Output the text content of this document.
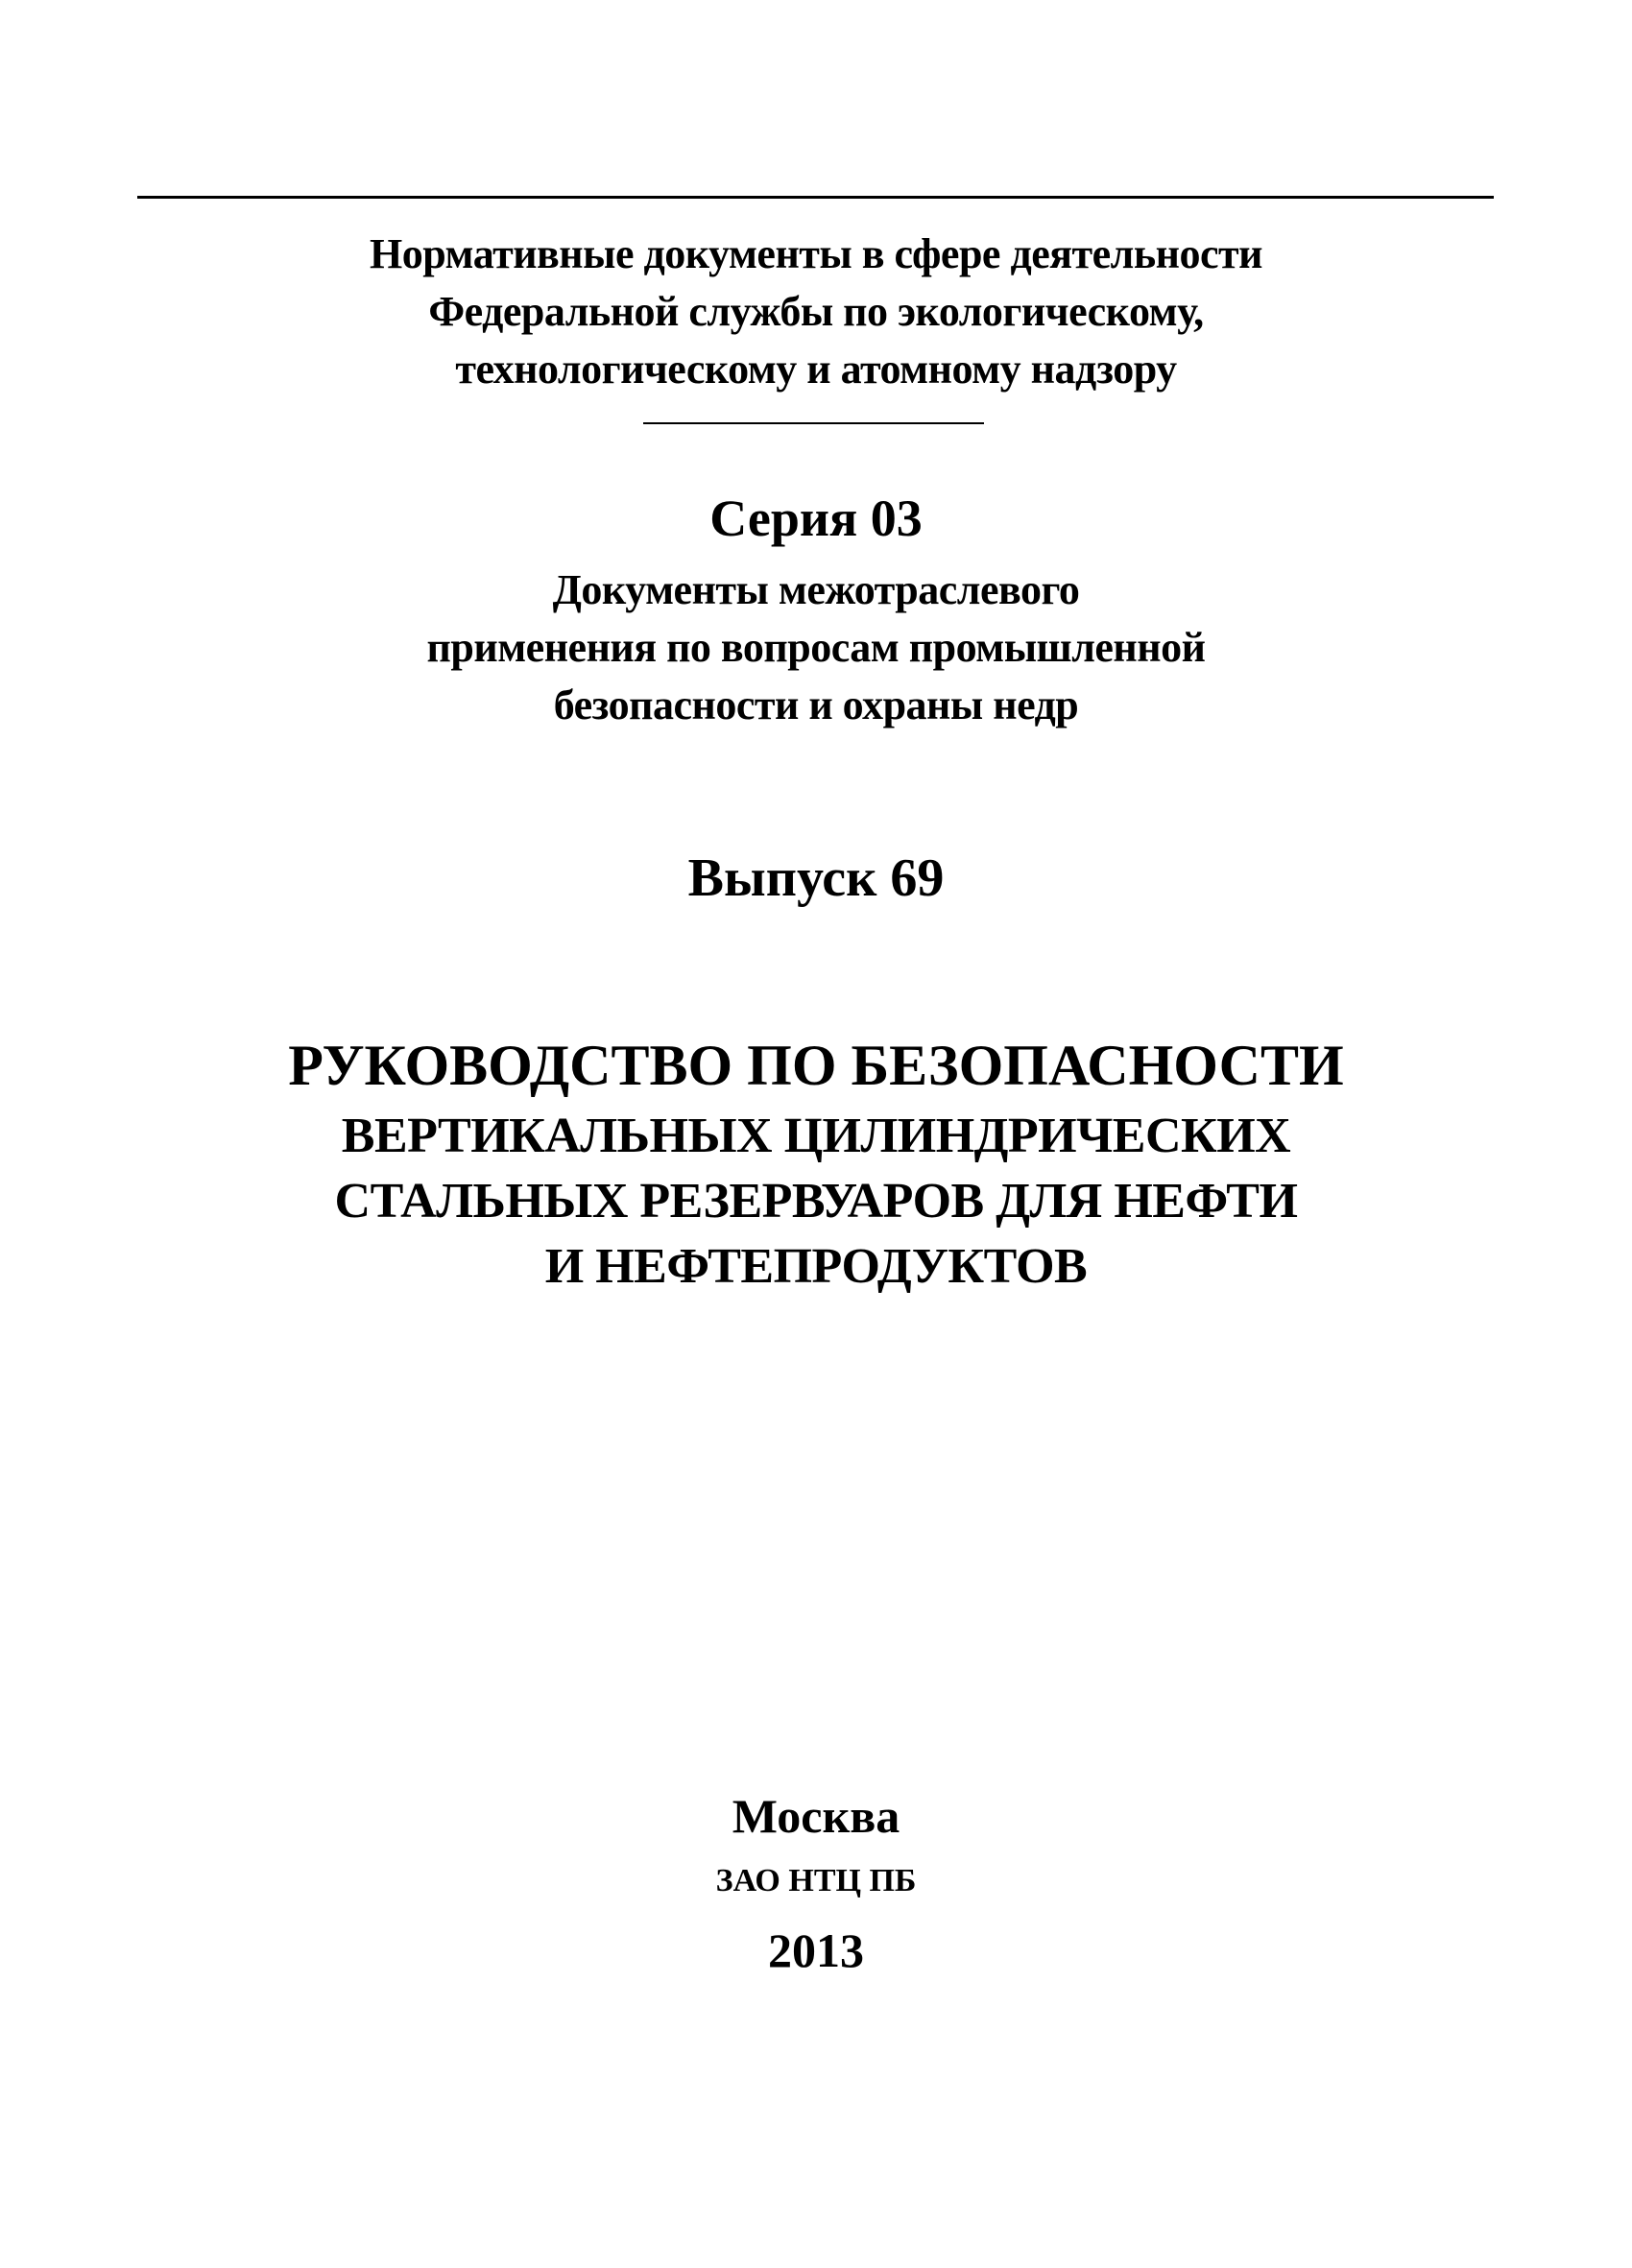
Нормативные документы в сфере деятельности
Федеральной службы по экологическому,
технологическому и атомному надзору
Серия 03
Документы межотраслевого
применения по вопросам промышленной
безопасности и охраны недр
Выпуск 69
РУКОВОДСТВО ПО БЕЗОПАСНОСТИ
ВЕРТИКАЛЬНЫХ ЦИЛИНДРИЧЕСКИХ
СТАЛЬНЫХ РЕЗЕРВУАРОВ ДЛЯ НЕФТИ
И НЕФТЕПРОДУКТОВ
Москва
ЗАО НТЦ ПБ
2013
